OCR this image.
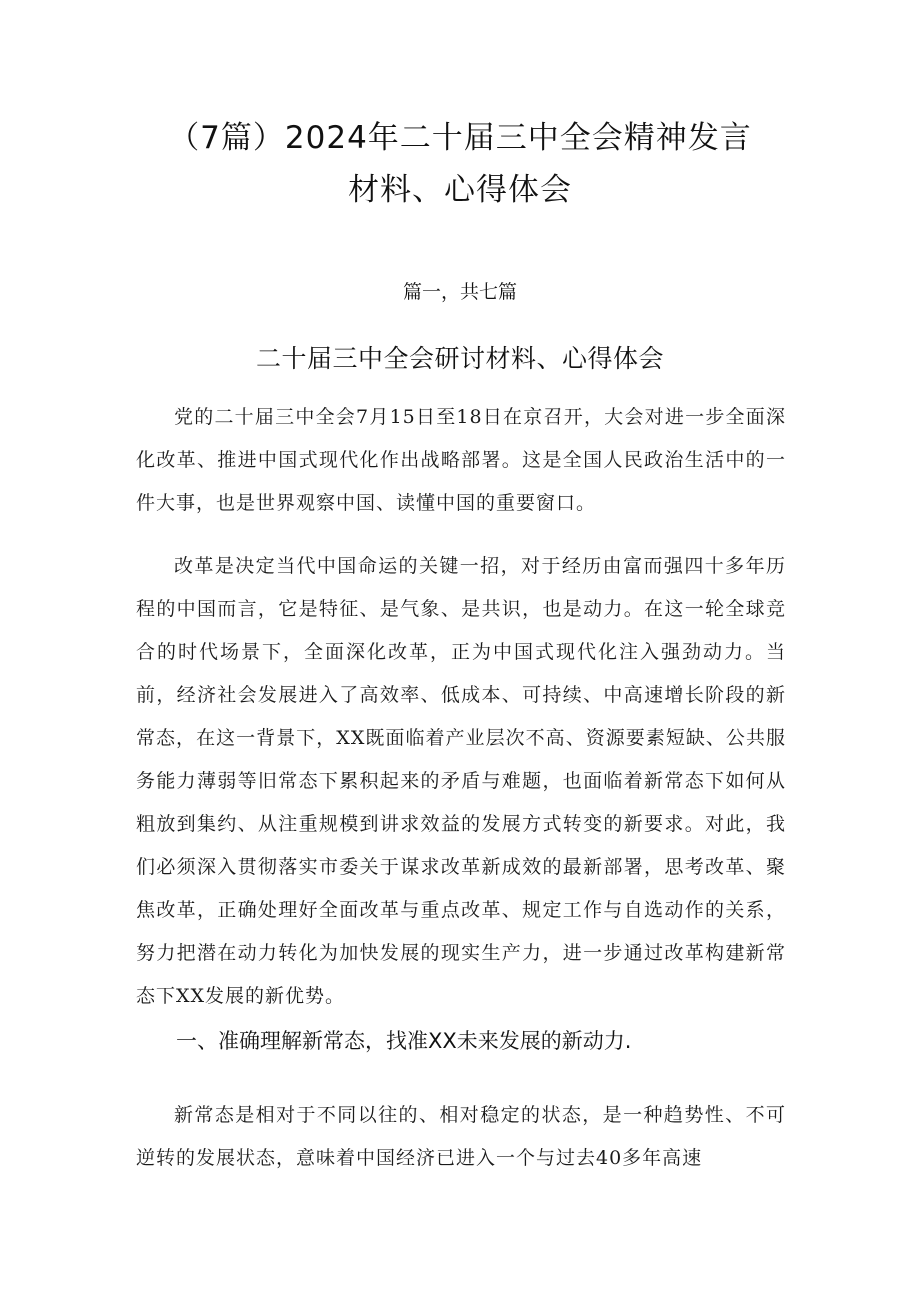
（7篇）2024年二十届三中全会精神发言
材料、心得体会
篇一，共七篇
二十届三中全会研讨材料、心得体会

党的二十届三中全会7月15日至18日在京召开，大会对进一步全面深化改革、推进中国式现代化作出战略部署。这是全国人民政治生活中的一件大事，也是世界观察中国、读懂中国的重要窗口。

改革是决定当代中国命运的关键一招，对于经历由富而强四十多年历程的中国而言，它是特征、是气象、是共识，也是动力。在这一轮全球竞合的时代场景下，全面深化改革，正为中国式现代化注入强劲动力。当前，经济社会发展进入了高效率、低成本、可持续、中高速增长阶段的新常态，在这一背景下，XX既面临着产业层次不高、资源要素短缺、公共服务能力薄弱等旧常态下累积起来的矛盾与难题，也面临着新常态下如何从粗放到集约、从注重规模到讲求效益的发展方式转变的新要求。对此，我们必须深入贯彻落实市委关于谋求改革新成效的最新部署，思考改革、聚焦改革，正确处理好全面改革与重点改革、规定工作与自选动作的关系，努力把潜在动力转化为加快发展的现实生产力，进一步通过改革构建新常态下XX发展的新优势。

一、准确理解新常态，找准XX未来发展的新动力.

新常态是相对于不同以往的、相对稳定的状态，是一种趋势性、不可逆转的发展状态，意味着中国经济已进入一个与过去40多年高速
